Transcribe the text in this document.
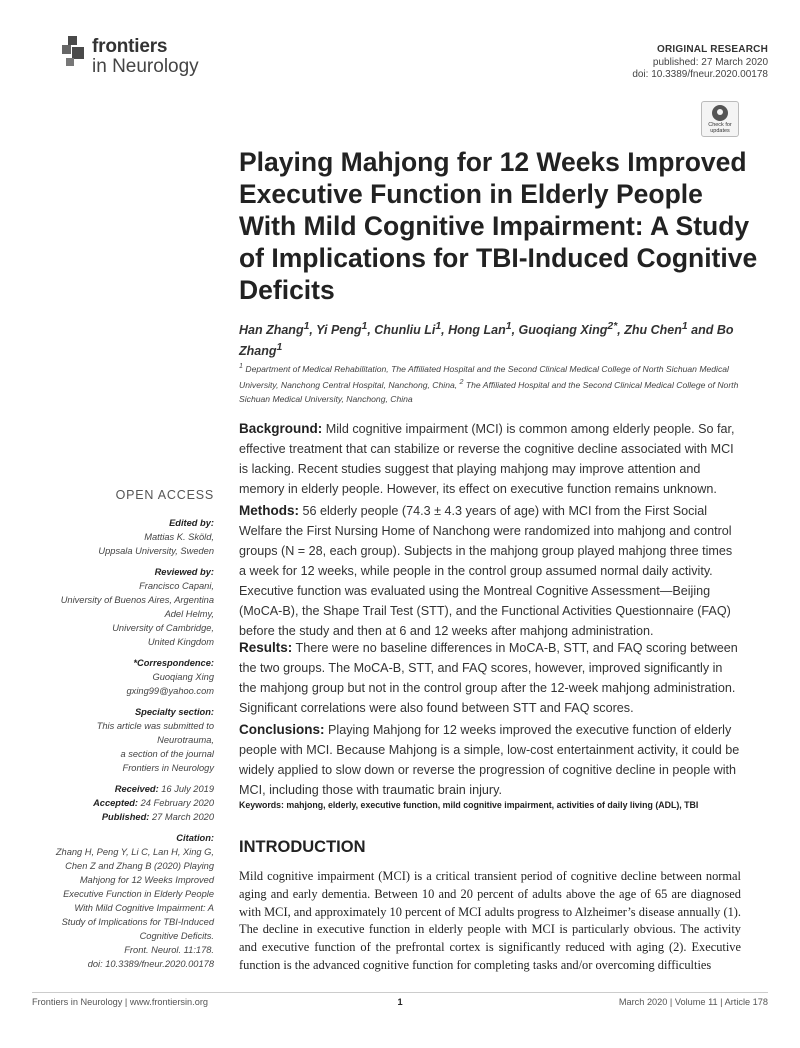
frontiers
in Neurology
ORIGINAL RESEARCH
published: 27 March 2020
doi: 10.3389/fneur.2020.00178
Check for
updates
Playing Mahjong for 12 Weeks Improved Executive Function in Elderly People With Mild Cognitive Impairment: A Study of Implications for TBI-Induced Cognitive Deficits
Han Zhang$^1$, Yi Peng$^1$, Chunliu Li$^1$, Hong Lan$^1$, Guoqiang Xing$^{2*}$, Zhu Chen$^1$ and Bo Zhang$^1$
$^1$ Department of Medical Rehabilitation, The Affiliated Hospital and the Second Clinical Medical College of North Sichuan Medical University, Nanchong Central Hospital, Nanchong, China, $^2$ The Affiliated Hospital and the Second Clinical Medical College of North Sichuan Medical University, Nanchong, China
Background: Mild cognitive impairment (MCI) is common among elderly people. So far, effective treatment that can stabilize or reverse the cognitive decline associated with MCI is lacking. Recent studies suggest that playing mahjong may improve attention and memory in elderly people. However, its effect on executive function remains unknown.
Methods: 56 elderly people (74.3 ± 4.3 years of age) with MCI from the First Social Welfare the First Nursing Home of Nanchong were randomized into mahjong and control groups (N = 28, each group). Subjects in the mahjong group played mahjong three times a week for 12 weeks, while people in the control group assumed normal daily activity. Executive function was evaluated using the Montreal Cognitive Assessment—Beijing (MoCA-B), the Shape Trail Test (STT), and the Functional Activities Questionnaire (FAQ) before the study and then at 6 and 12 weeks after mahjong administration.
Results: There were no baseline differences in MoCA-B, STT, and FAQ scoring between the two groups. The MoCA-B, STT, and FAQ scores, however, improved significantly in the mahjong group but not in the control group after the 12-week mahjong administration. Significant correlations were also found between STT and FAQ scores.
Conclusions: Playing Mahjong for 12 weeks improved the executive function of elderly people with MCI. Because Mahjong is a simple, low-cost entertainment activity, it could be widely applied to slow down or reverse the progression of cognitive decline in people with MCI, including those with traumatic brain injury.
Keywords: mahjong, elderly, executive function, mild cognitive impairment, activities of daily living (ADL), TBI
INTRODUCTION
Mild cognitive impairment (MCI) is a critical transient period of cognitive decline between normal aging and early dementia. Between 10 and 20 percent of adults above the age of 65 are diagnosed with MCI, and approximately 10 percent of MCI adults progress to Alzheimer’s disease annually (1). The decline in executive function in elderly people with MCI is particularly obvious. The activity and executive function of the prefrontal cortex is significantly reduced with aging (2). Executive function is the advanced cognitive function for completing tasks and/or overcoming difficulties
OPEN ACCESS
Edited by:
Mattias K. Sköld,
Uppsala University, Sweden
Reviewed by:
Francisco Capani,
University of Buenos Aires, Argentina
Adel Helmy,
University of Cambridge,
United Kingdom
*Correspondence:
Guoqiang Xing
gxing99@yahoo.com
Specialty section:
This article was submitted to
Neurotrauma,
a section of the journal
Frontiers in Neurology
Received: 16 July 2019
Accepted: 24 February 2020
Published: 27 March 2020
Citation:
Zhang H, Peng Y, Li C, Lan H, Xing G,
Chen Z and Zhang B (2020) Playing
Mahjong for 12 Weeks Improved
Executive Function in Elderly People
With Mild Cognitive Impairment: A
Study of Implications for TBI-Induced
Cognitive Deficits.
Front. Neurol. 11:178.
doi: 10.3389/fneur.2020.00178
Frontiers in Neurology | www.frontiersin.org	1	March 2020 | Volume 11 | Article 178
